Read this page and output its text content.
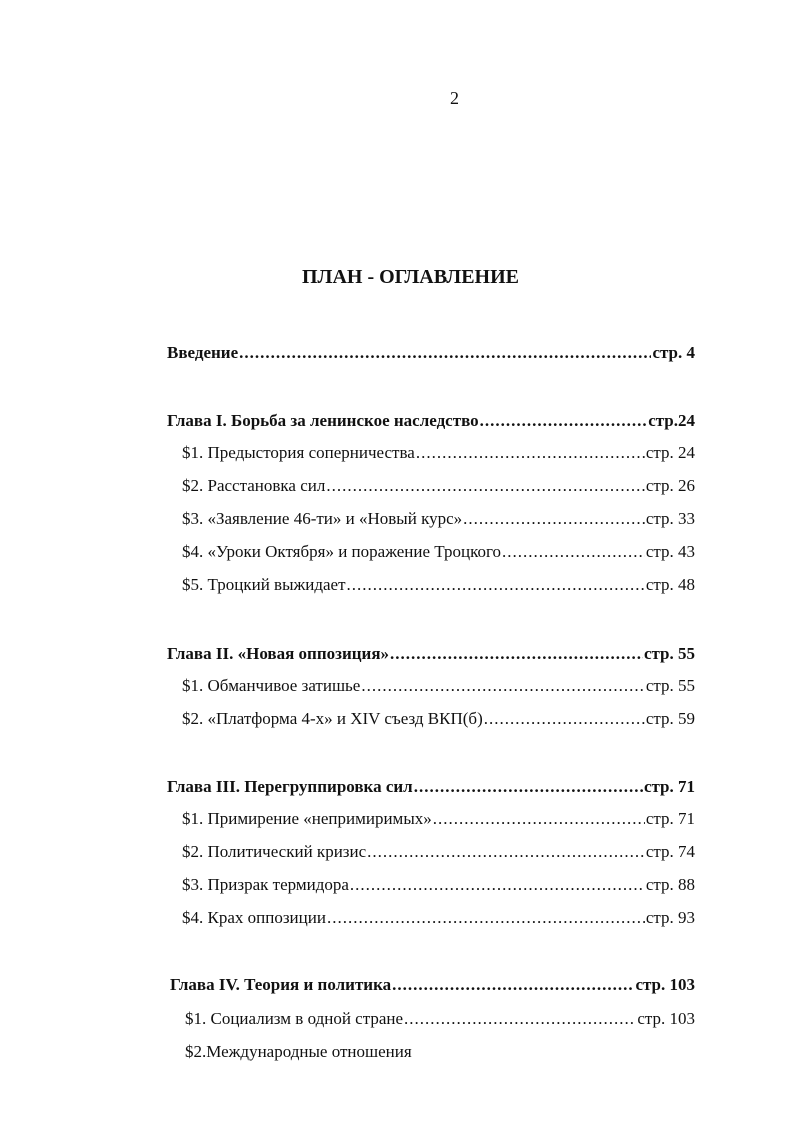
2
ПЛАН - ОГЛАВЛЕНИЕ
Введение .....	стр. 4
Глава I. Борьба за ленинское наследство .....	стр.24
$1. Предыстория соперничества .....	стр. 24
$2. Расстановка сил .....	стр. 26
$3. «Заявление 46-ти» и «Новый курс» .....	стр. 33
$4. «Уроки Октября» и поражение Троцкого .....	стр. 43
$5. Троцкий выжидает .....	стр. 48
Глава II. «Новая оппозиция» .....	стр. 55
$1. Обманчивое затишье .....	стр. 55
$2. «Платформа 4-х» и XIV съезд ВКП(б) .....	стр. 59
Глава III. Перегруппировка сил .....	стр. 71
$1. Примирение «непримиримых» .....	стр. 71
$2. Политический кризис .....	стр. 74
$3. Призрак термидора .....	стр. 88
$4. Крах оппозиции .....	стр. 93
Глава IV. Теория и политика .....	стр. 103
$1. Социализм в одной стране .....	стр. 103
$2.Международные отношения
